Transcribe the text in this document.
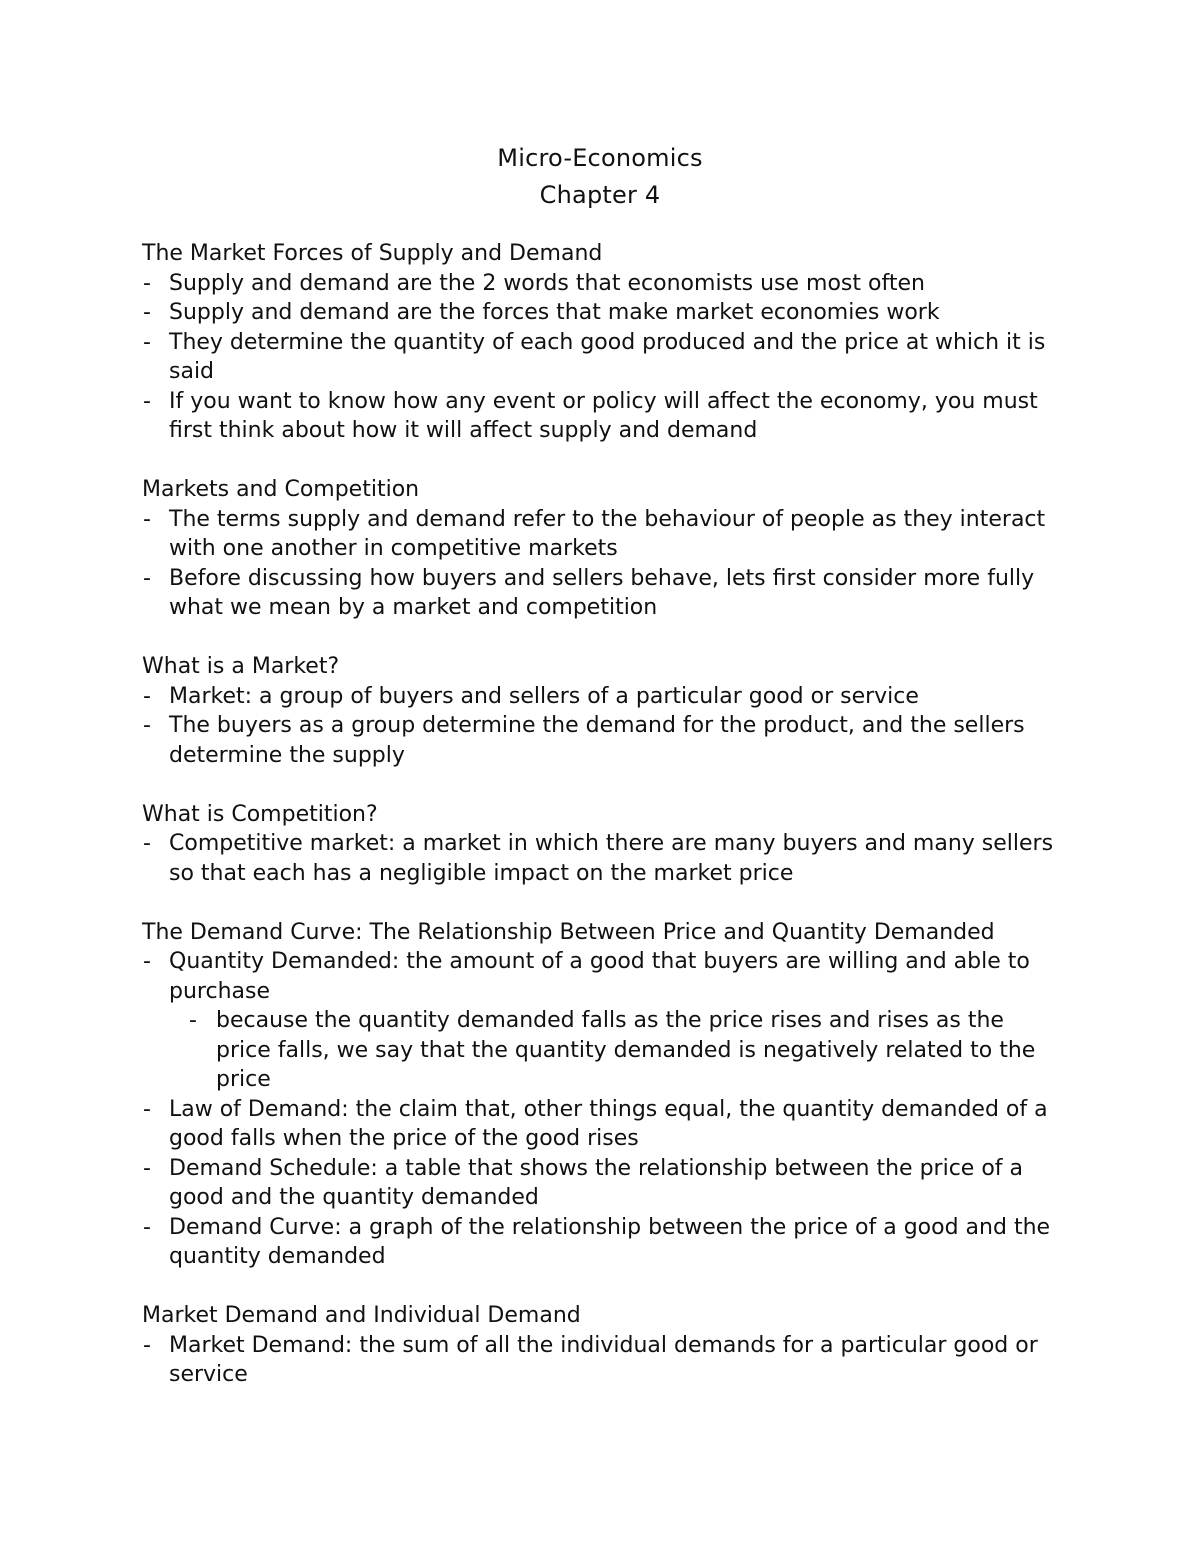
Micro-Economics
Chapter 4
The Market Forces of Supply and Demand
- Supply and demand are the 2 words that economists use most often
- Supply and demand are the forces that make market economies work
- They determine the quantity of each good produced and the price at which it is said
- If you want to know how any event or policy will affect the economy, you must first think about how it will affect supply and demand
Markets and Competition
- The terms supply and demand refer to the behaviour of people as they interact with one another in competitive markets
- Before discussing how buyers and sellers behave, lets first consider more fully what we mean by a market and competition
What is a Market?
- Market: a group of buyers and sellers of a particular good or service
- The buyers as a group determine the demand for the product, and the sellers determine the supply
What is Competition?
- Competitive market: a market in which there are many buyers and many sellers so that each has a negligible impact on the market price
The Demand Curve: The Relationship Between Price and Quantity Demanded
- Quantity Demanded: the amount of a good that buyers are willing and able to purchase
- because the quantity demanded falls as the price rises and rises as the price falls, we say that the quantity demanded is negatively related to the price
- Law of Demand: the claim that, other things equal, the quantity demanded of a good falls when the price of the good rises
- Demand Schedule: a table that shows the relationship between the price of a good and the quantity demanded
- Demand Curve: a graph of the relationship between the price of a good and the quantity demanded
Market Demand and Individual Demand
- Market Demand: the sum of all the individual demands for a particular good or service
